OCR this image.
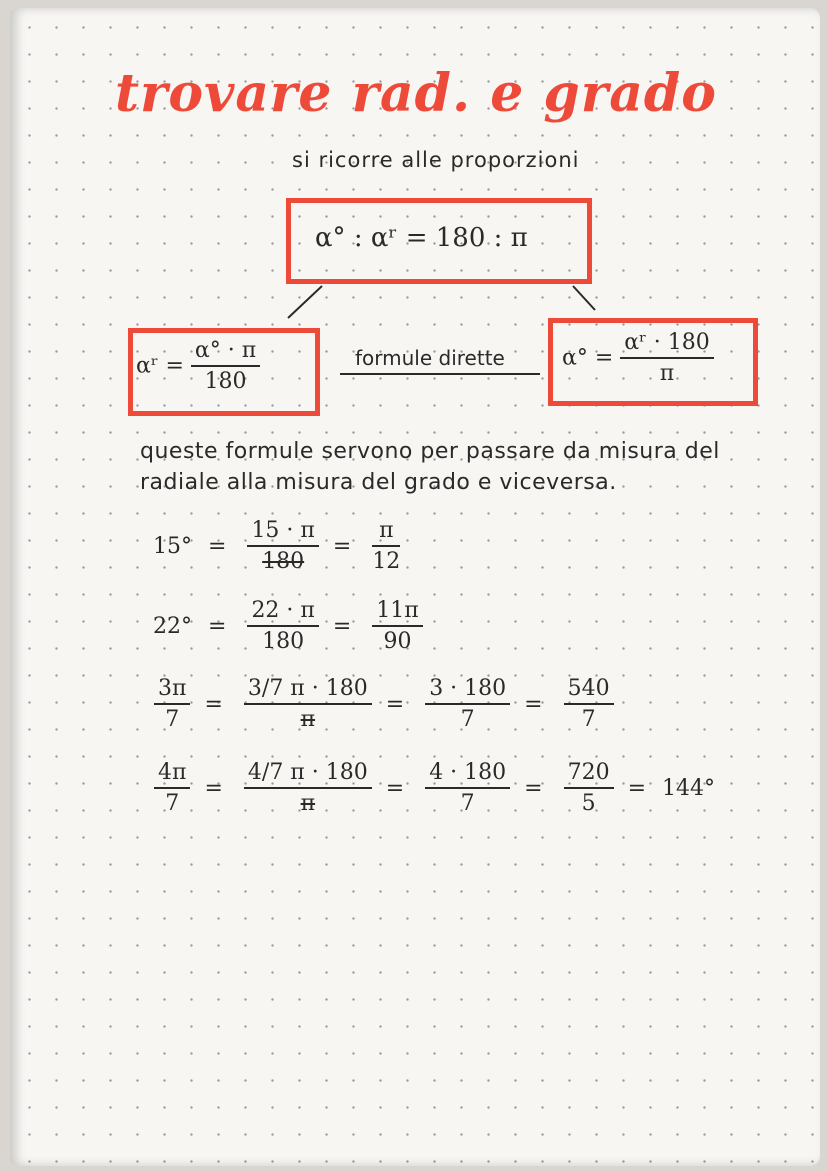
trovare rad. e grado
si ricorre alle proporzioni
α° : αʳ = 180 : π
αʳ = $\frac{\alpha^\circ \cdot \pi}{180}$	formule dirette	$\alpha^\circ = \frac{\text{αʳ · 180}}{\pi}$
queste formule servono per passare da misura del radiale alla misura del grado e viceversa.
$15^\circ = \frac{15 \cdot \pi}{180} = \frac{\pi}{12}$
$22^\circ = \frac{22 \cdot \pi}{180} = \frac{11\pi}{90}$
$\frac{3\pi}{7} = \frac{3/7 \pi \cdot 180}{\pi} = \frac{3 \cdot 180}{7} = \frac{540}{7}$
$\frac{4\pi}{7} = \frac{4/7 \pi \cdot 180}{\pi} = \frac{4 \cdot 180}{7} = \frac{720}{5} = 144^\circ$
